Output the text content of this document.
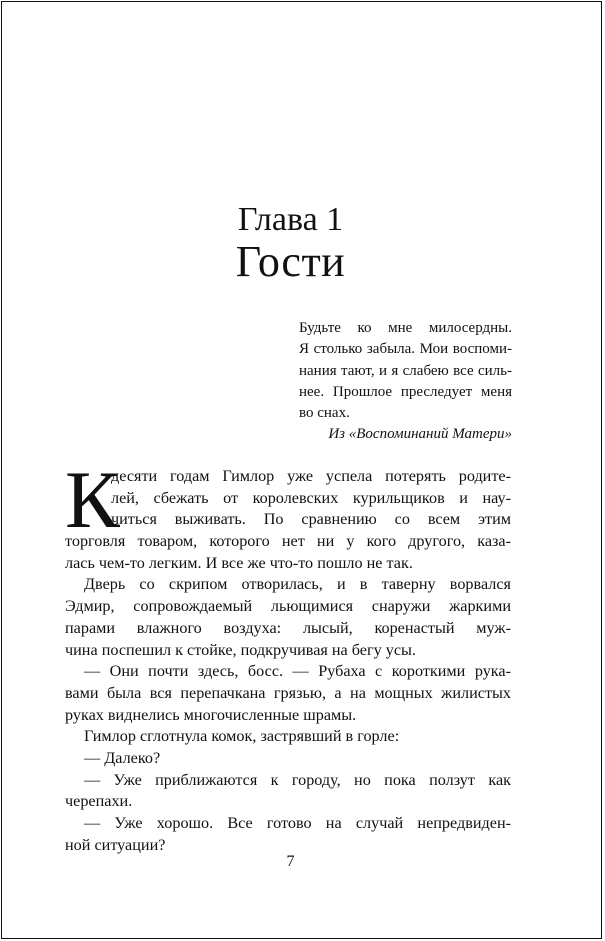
Глава 1
Гости
Будьте ко мне милосердны.
Я столько забыла. Мои воспоми-
нания тают, и я слабею все силь-
нее. Прошлое преследует меня
во снах.
Из «Воспоминаний Матери»
К
десяти годам Гимлор уже успела потерять родите-
лей, сбежать от королевских курильщиков и нау-
читься выживать. По сравнению со всем этим
торговля товаром, которого нет ни у кого другого, каза-
лась чем-то легким. И все же что-то пошло не так.
Дверь со скрипом отворилась, и в таверну ворвался
Эдмир, сопровождаемый льющимися снаружи жаркими
парами влажного воздуха: лысый, коренастый муж-
чина поспешил к стойке, подкручивая на бегу усы.
— Они почти здесь, босс. — Рубаха с короткими рука-
вами была вся перепачкана грязью, а на мощных жилистых
руках виднелись многочисленные шрамы.
Гимлор сглотнула комок, застрявший в горле:
— Далеко?
— Уже приближаются к городу, но пока ползут как
черепахи.
— Уже хорошо. Все готово на случай непредвиден-
ной ситуации?
7
